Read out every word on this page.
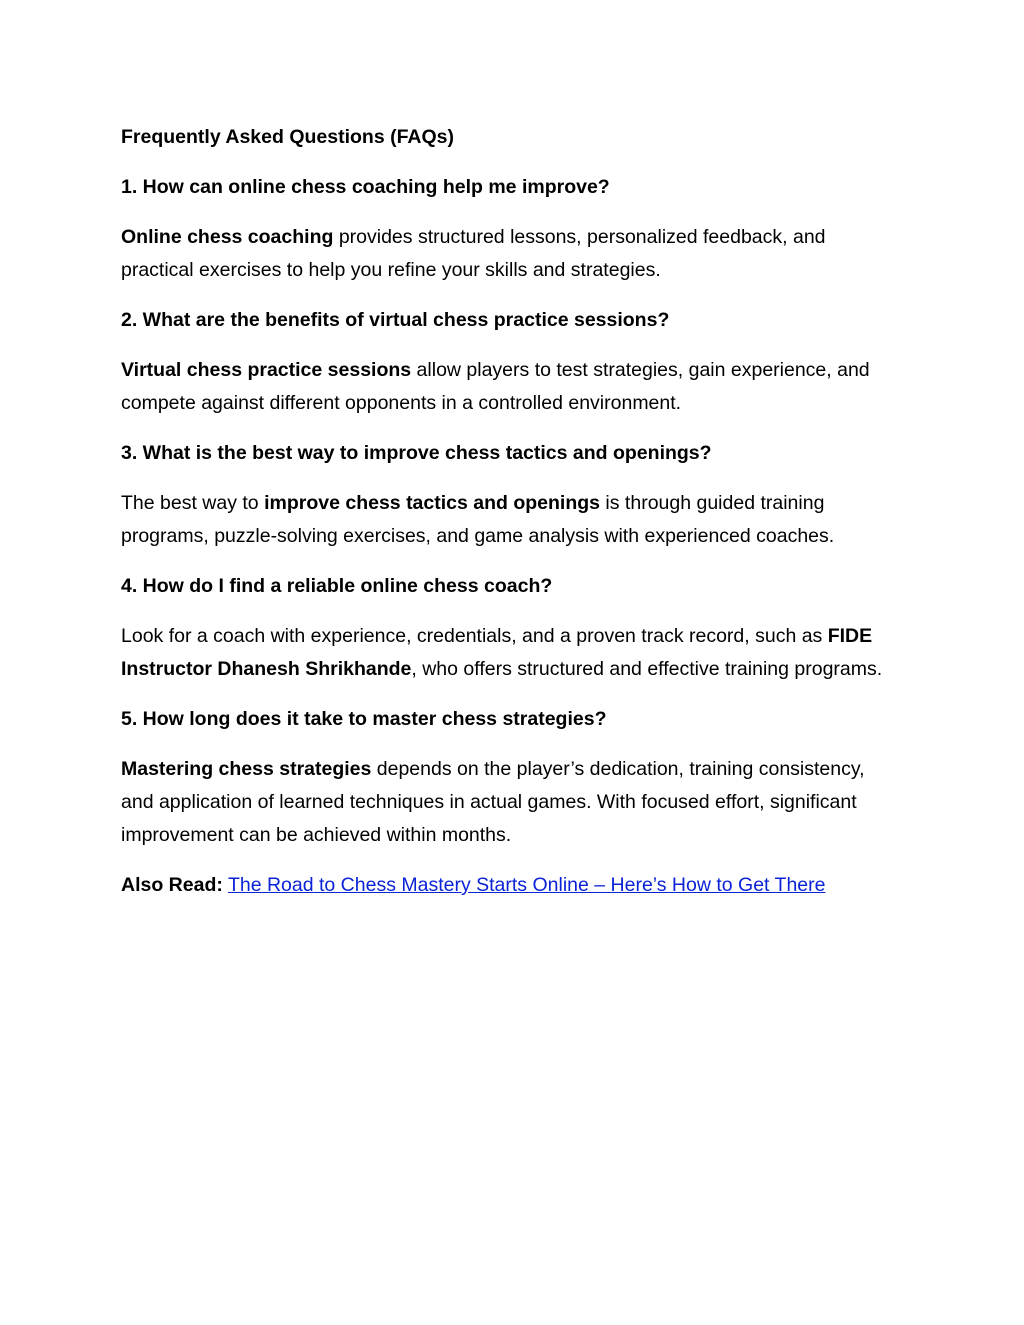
Frequently Asked Questions (FAQs)

1. How can online chess coaching help me improve?

Online chess coaching provides structured lessons, personalized feedback, and practical exercises to help you refine your skills and strategies.

2. What are the benefits of virtual chess practice sessions?

Virtual chess practice sessions allow players to test strategies, gain experience, and compete against different opponents in a controlled environment.

3. What is the best way to improve chess tactics and openings?

The best way to improve chess tactics and openings is through guided training programs, puzzle-solving exercises, and game analysis with experienced coaches.

4. How do I find a reliable online chess coach?

Look for a coach with experience, credentials, and a proven track record, such as FIDE Instructor Dhanesh Shrikhande, who offers structured and effective training programs.

5. How long does it take to master chess strategies?

Mastering chess strategies depends on the player’s dedication, training consistency, and application of learned techniques in actual games. With focused effort, significant improvement can be achieved within months.

Also Read: The Road to Chess Mastery Starts Online – Here’s How to Get There
